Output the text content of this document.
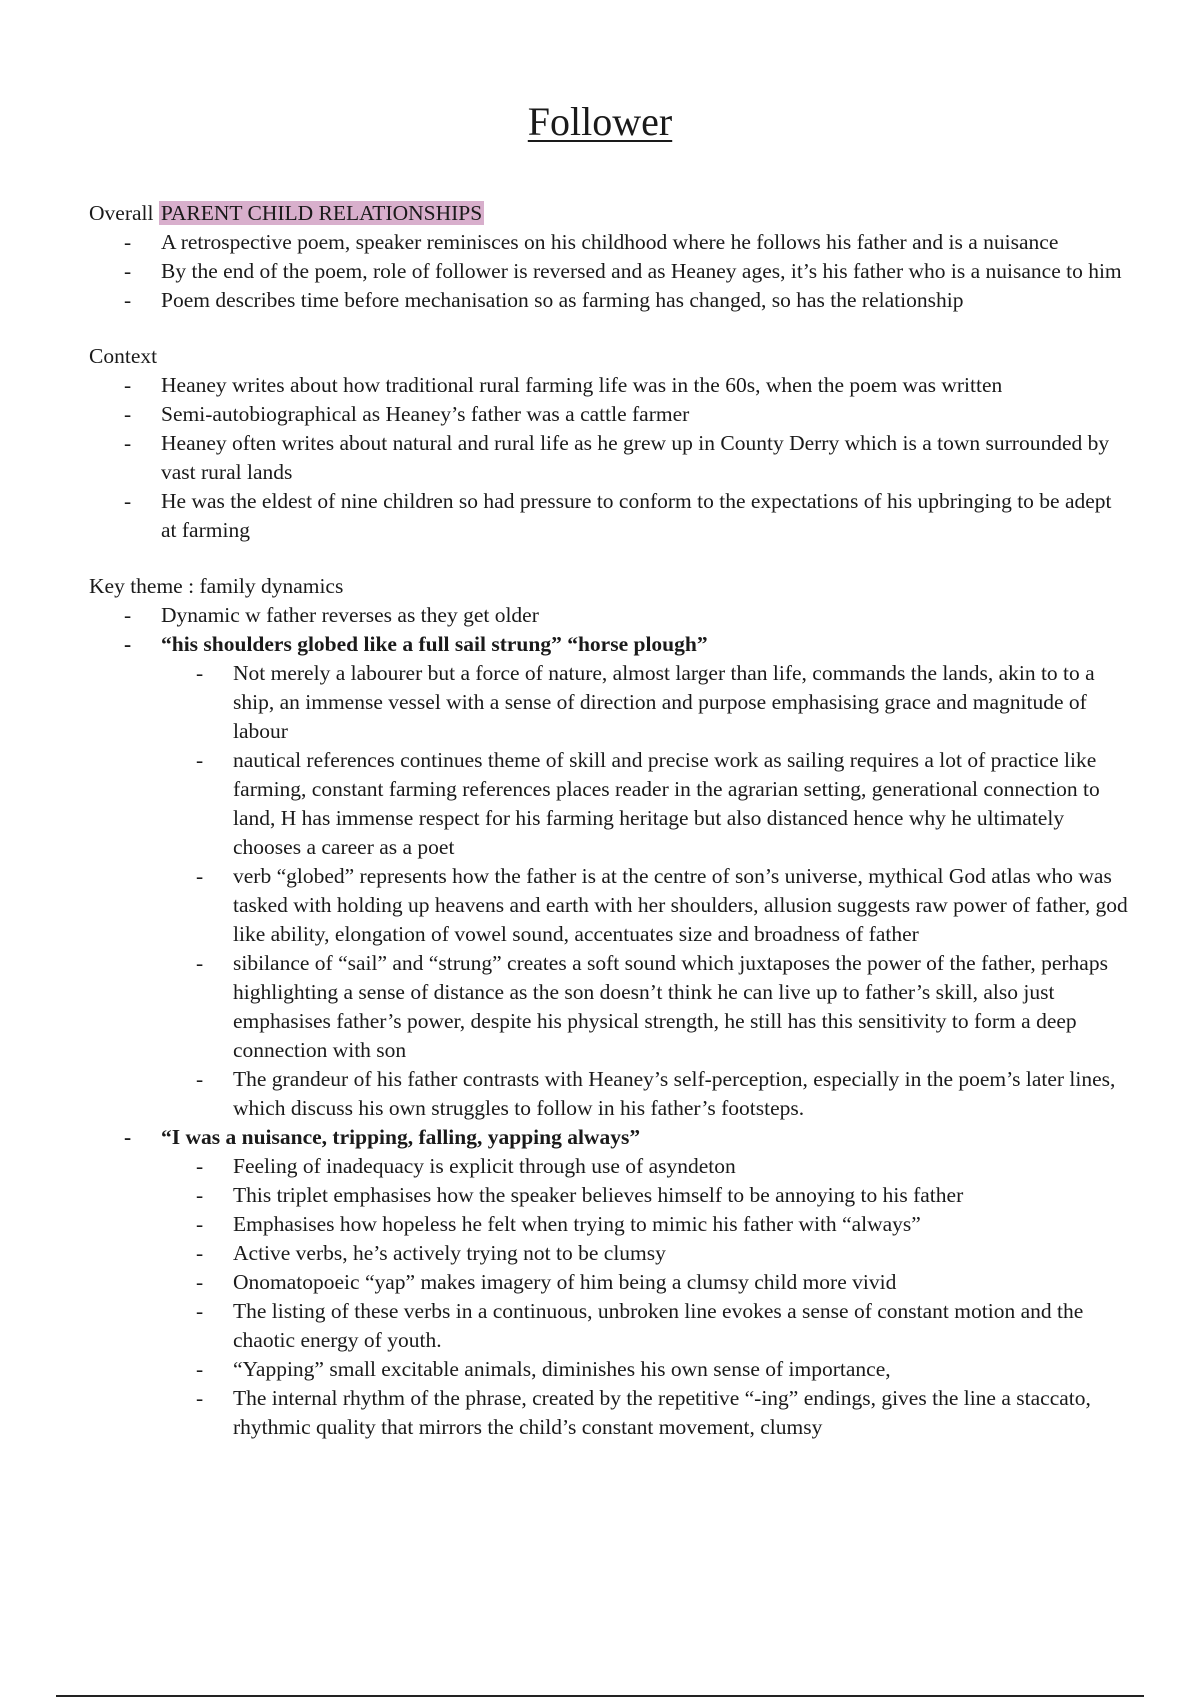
Follower

Overall PARENT CHILD RELATIONSHIPS

- A retrospective poem, speaker reminisces on his childhood where he follows his father and is a nuisance
- By the end of the poem, role of follower is reversed and as Heaney ages, it’s his father who is a nuisance to him
- Poem describes time before mechanisation so as farming has changed, so has the relationship

Context

- Heaney writes about how traditional rural farming life was in the 60s, when the poem was written
- Semi-autobiographical as Heaney’s father was a cattle farmer
- Heaney often writes about natural and rural life as he grew up in County Derry which is a town surrounded by vast rural lands
- He was the eldest of nine children so had pressure to conform to the expectations of his upbringing to be adept at farming

Key theme : family dynamics

- Dynamic w father reverses as they get older
- “his shoulders globed like a full sail strung” “horse plough”
- Not merely a labourer but a force of nature, almost larger than life, commands the lands, akin to to a ship, an immense vessel with a sense of direction and purpose emphasising grace and magnitude of labour
- nautical references continues theme of skill and precise work as sailing requires a lot of practice like farming, constant farming references places reader in the agrarian setting, generational connection to land, H has immense respect for his farming heritage but also distanced hence why he ultimately chooses a career as a poet
- verb “globed” represents how the father is at the centre of son’s universe, mythical God atlas who was tasked with holding up heavens and earth with her shoulders, allusion suggests raw power of father, god like ability, elongation of vowel sound, accentuates size and broadness of father
- sibilance of “sail” and “strung” creates a soft sound which juxtaposes the power of the father, perhaps highlighting a sense of distance as the son doesn’t think he can live up to father’s skill, also just emphasises father’s power, despite his physical strength, he still has this sensitivity to form a deep connection with son
- The grandeur of his father contrasts with Heaney’s self-perception, especially in the poem’s later lines, which discuss his own struggles to follow in his father’s footsteps.
- “I was a nuisance, tripping, falling, yapping always”
- Feeling of inadequacy is explicit through use of asyndeton
- This triplet emphasises how the speaker believes himself to be annoying to his father
- Emphasises how hopeless he felt when trying to mimic his father with “always”
- Active verbs, he’s actively trying not to be clumsy
- Onomatopoeic “yap” makes imagery of him being a clumsy child more vivid
- The listing of these verbs in a continuous, unbroken line evokes a sense of constant motion and the chaotic energy of youth.
- “Yapping” small excitable animals, diminishes his own sense of importance,
- The internal rhythm of the phrase, created by the repetitive “-ing” endings, gives the line a staccato, rhythmic quality that mirrors the child’s constant movement, clumsy
